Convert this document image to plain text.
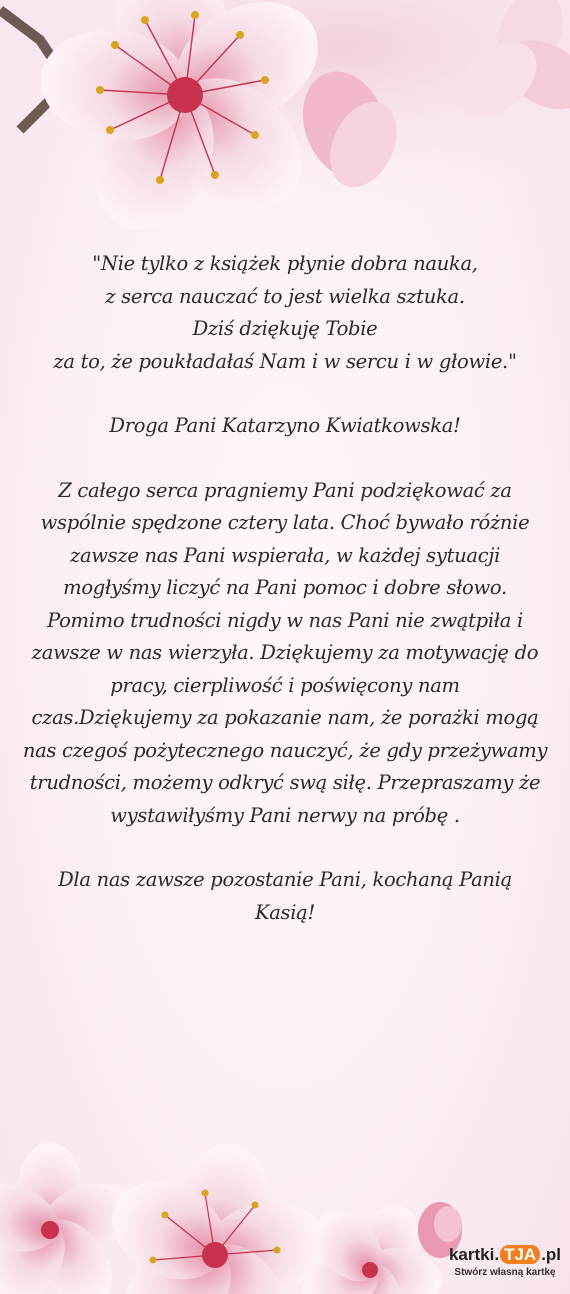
"Nie tylko z książek płynie dobra nauka,

z serca nauczać to jest wielka sztuka.

Dziś dziękuję Tobie

za to, że poukładałaś Nam i w sercu i w głowie."

Droga Pani Katarzyno Kwiatkowska!

Z całego serca pragniemy Pani podziękować za

wspólnie spędzone cztery lata. Choć bywało różnie

zawsze nas Pani wspierała, w każdej sytuacji

mogłyśmy liczyć na Pani pomoc i dobre słowo.

Pomimo trudności nigdy w nas Pani nie zwątpiła i

zawsze w nas wierzyła. Dziękujemy za motywację do

pracy, cierpliwość i poświęcony nam

czas.Dziękujemy za pokazanie nam, że porażki mogą

nas czegoś pożytecznego nauczyć, że gdy przeżywamy

trudności, możemy odkryć swą siłę. Przepraszamy że

wystawiłyśmy Pani nerwy na próbę .

Dla nas zawsze pozostanie Pani, kochaną Panią

Kasią!

kartki. TJA .pl
Stwórz własną kartkę
